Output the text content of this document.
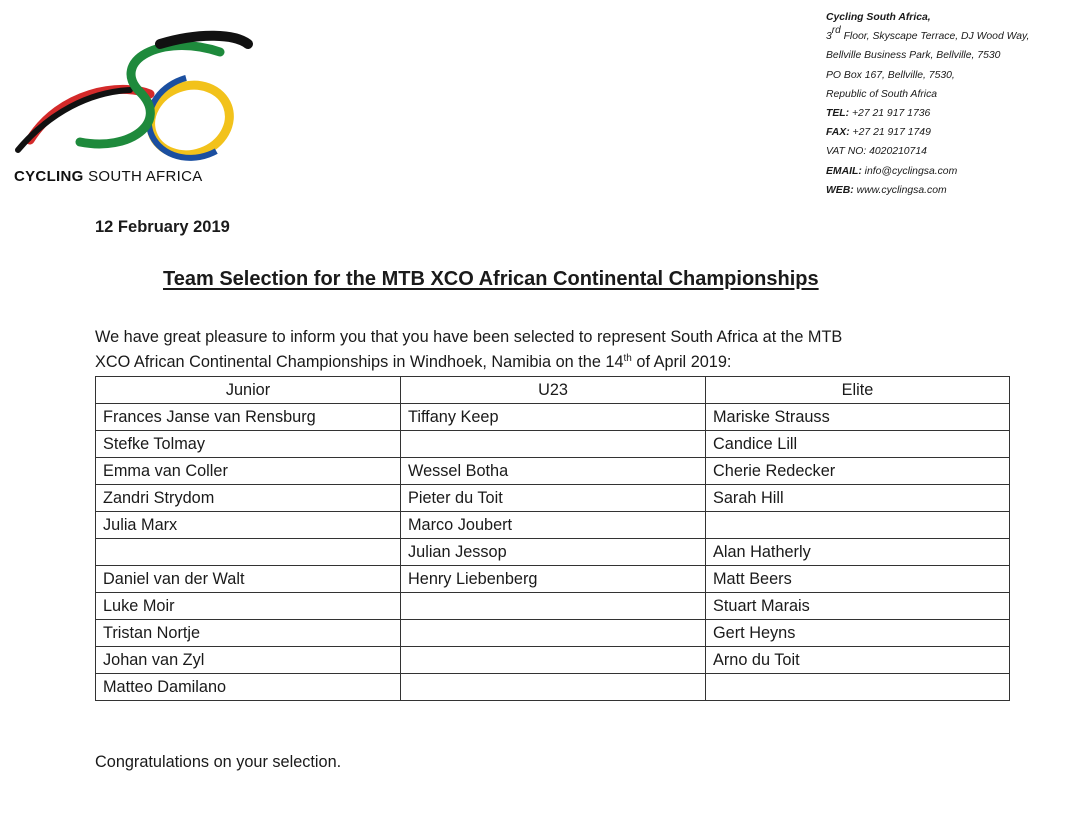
CYCLING SOUTH AFRICA
Cycling South Africa,
3rd Floor, Skyscape Terrace, DJ Wood Way,
Bellville Business Park, Bellville, 7530
PO Box 167, Bellville, 7530,
Republic of South Africa
TEL: +27 21 917 1736
FAX: +27 21 917 1749
VAT NO: 4020210714
EMAIL: info@cyclingsa.com
WEB: www.cyclingsa.com
12 February 2019
Team Selection for the MTB XCO African Continental Championships
We have great pleasure to inform you that you have been selected to represent South Africa at the MTB
XCO African Continental Championships in Windhoek, Namibia on the 14th of April 2019:
Junior	U23	Elite
Frances Janse van Rensburg	Tiffany Keep	Mariske Strauss
Stefke Tolmay		Candice Lill
Emma van Coller	Wessel Botha	Cherie Redecker
Zandri Strydom	Pieter du Toit	Sarah Hill
Julia Marx	Marco Joubert	
	Julian Jessop	Alan Hatherly
Daniel van der Walt	Henry Liebenberg	Matt Beers
Luke Moir		Stuart Marais
Tristan Nortje		Gert Heyns
Johan van Zyl		Arno du Toit
Matteo Damilano		
Congratulations on your selection.
